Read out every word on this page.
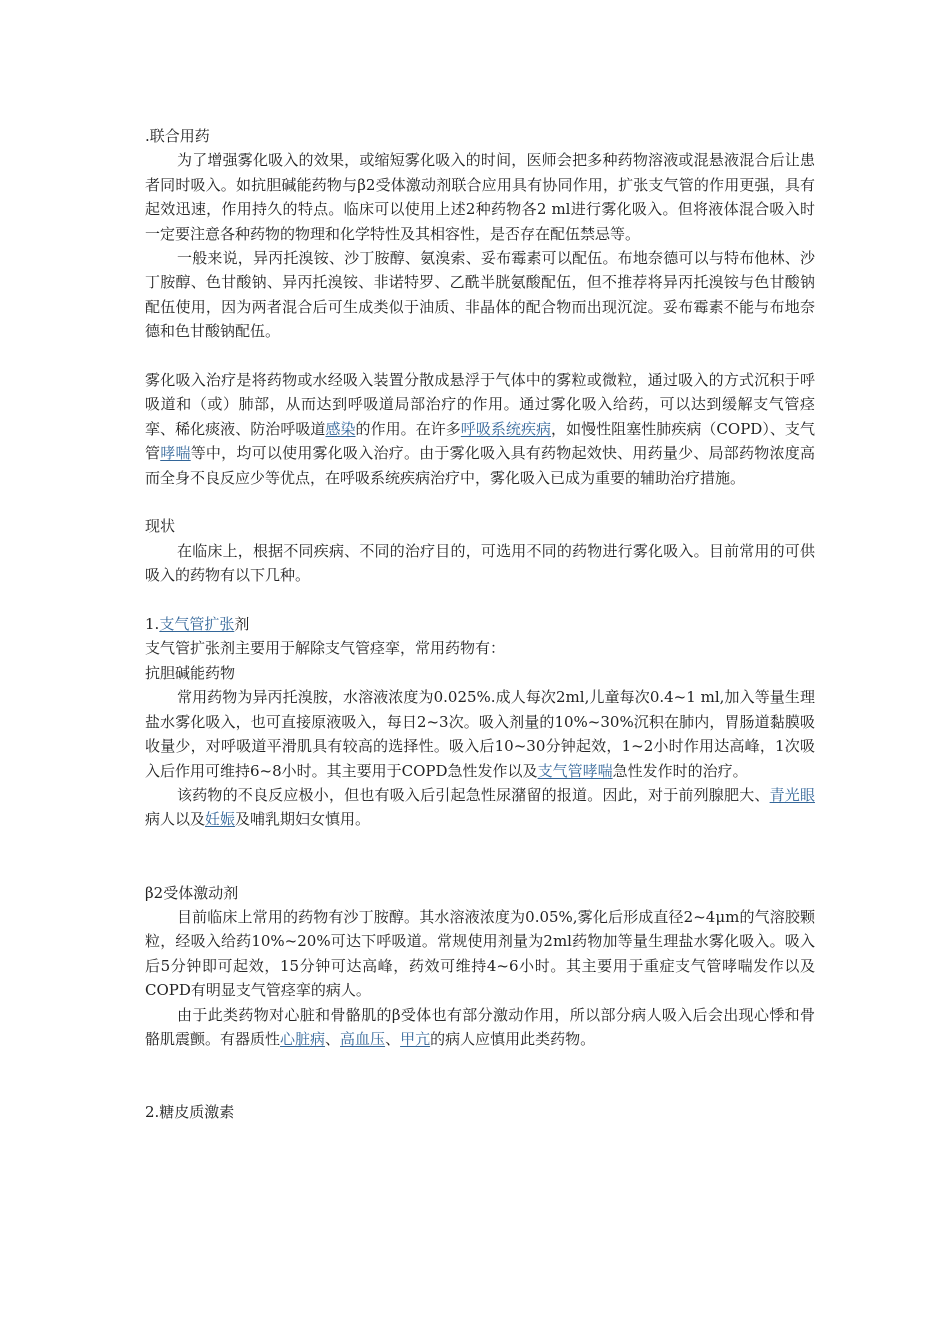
.联合用药

为了增强雾化吸入的效果，或缩短雾化吸入的时间，医师会把多种药物溶液或混悬液混合后让患者同时吸入。如抗胆碱能药物与β2受体激动剂联合应用具有协同作用，扩张支气管的作用更强，具有起效迅速，作用持久的特点。临床可以使用上述2种药物各2 ml进行雾化吸入。但将液体混合吸入时一定要注意各种药物的物理和化学特性及其相容性，是否存在配伍禁忌等。

一般来说，异丙托溴铵、沙丁胺醇、氨溴索、妥布霉素可以配伍。布地奈德可以与特布他林、沙丁胺醇、色甘酸钠、异丙托溴铵、非诺特罗、乙酰半胱氨酸配伍，但不推荐将异丙托溴铵与色甘酸钠配伍使用，因为两者混合后可生成类似于油质、非晶体的配合物而出现沉淀。妥布霉素不能与布地奈德和色甘酸钠配伍。

雾化吸入治疗是将药物或水经吸入装置分散成悬浮于气体中的雾粒或微粒，通过吸入的方式沉积于呼吸道和（或）肺部，从而达到呼吸道局部治疗的作用。通过雾化吸入给药，可以达到缓解支气管痉挛、稀化痰液、防治呼吸道感染的作用。在许多呼吸系统疾病，如慢性阻塞性肺疾病（COPD）、支气管哮喘等中，均可以使用雾化吸入治疗。由于雾化吸入具有药物起效快、用药量少、局部药物浓度高而全身不良反应少等优点，在呼吸系统疾病治疗中，雾化吸入已成为重要的辅助治疗措施。

现状

在临床上，根据不同疾病、不同的治疗目的，可选用不同的药物进行雾化吸入。目前常用的可供吸入的药物有以下几种。

1.支气管扩张剂

支气管扩张剂主要用于解除支气管痉挛，常用药物有：

抗胆碱能药物

常用药物为异丙托溴胺，水溶液浓度为0.025%.成人每次2ml,儿童每次0.4~1 ml,加入等量生理盐水雾化吸入，也可直接原液吸入，每日2~3次。吸入剂量的10%~30%沉积在肺内，胃肠道黏膜吸收量少，对呼吸道平滑肌具有较高的选择性。吸入后10~30分钟起效，1~2小时作用达高峰，1次吸入后作用可维持6~8小时。其主要用于COPD急性发作以及支气管哮喘急性发作时的治疗。

该药物的不良反应极小，但也有吸入后引起急性尿潴留的报道。因此，对于前列腺肥大、青光眼病人以及妊娠及哺乳期妇女慎用。

β2受体激动剂

目前临床上常用的药物有沙丁胺醇。其水溶液浓度为0.05%,雾化后形成直径2~4μm的气溶胶颗粒，经吸入给药10%~20%可达下呼吸道。常规使用剂量为2ml药物加等量生理盐水雾化吸入。吸入后5分钟即可起效，15分钟可达高峰，药效可维持4~6小时。其主要用于重症支气管哮喘发作以及COPD有明显支气管痉挛的病人。

由于此类药物对心脏和骨骼肌的β受体也有部分激动作用，所以部分病人吸入后会出现心悸和骨骼肌震颤。有器质性心脏病、高血压、甲亢的病人应慎用此类药物。

2.糖皮质激素
